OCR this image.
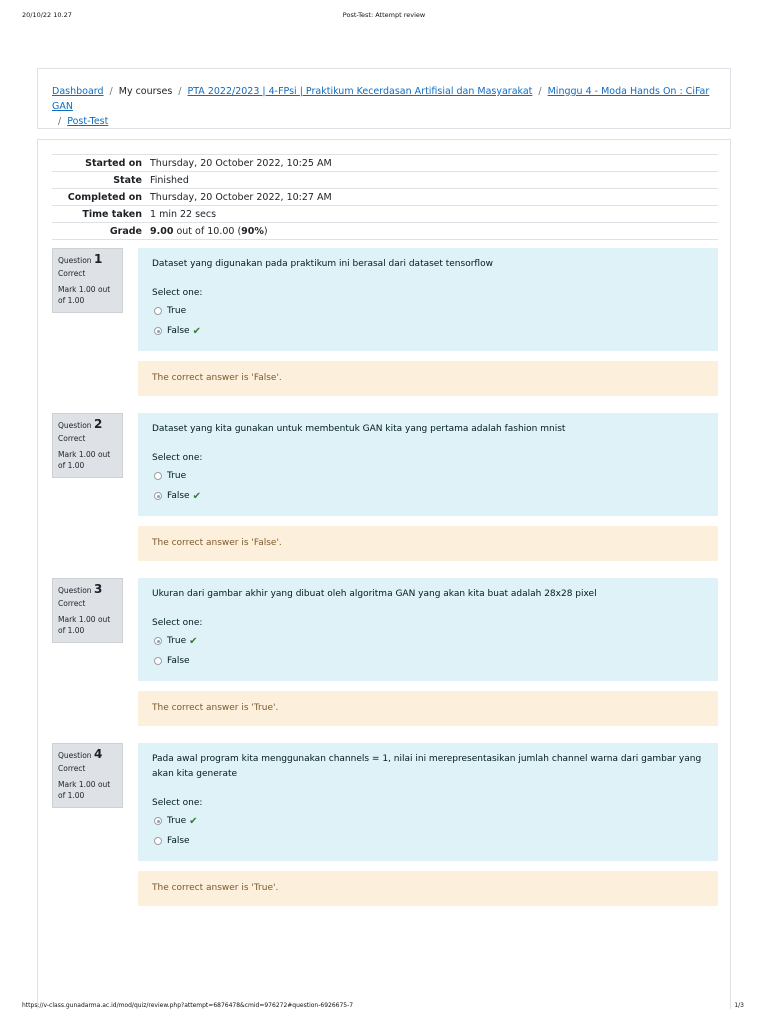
20/10/22 10.27	Post-Test: Attempt review
Dashboard / My courses / PTA 2022/2023 | 4-FPsi | Praktikum Kecerdasan Artifisial dan Masyarakat / Minggu 4 - Moda Hands On : CiFar GAN
/ Post-Test
Started on	Thursday, 20 October 2022, 10:25 AM
State	Finished
Completed on	Thursday, 20 October 2022, 10:27 AM
Time taken	1 min 22 secs
Grade	9.00 out of 10.00 (90%)
Question 1
Correct
Mark 1.00 out of 1.00
Dataset yang digunakan pada praktikum ini berasal dari dataset tensorflow
Select one:
True
False ✔
The correct answer is 'False'.
Question 2
Correct
Mark 1.00 out of 1.00
Dataset yang kita gunakan untuk membentuk GAN kita yang pertama adalah fashion mnist
Select one:
True
False ✔
The correct answer is 'False'.
Question 3
Correct
Mark 1.00 out of 1.00
Ukuran dari gambar akhir yang dibuat oleh algoritma GAN yang akan kita buat adalah 28x28 pixel
Select one:
True ✔
False
The correct answer is 'True'.
Question 4
Correct
Mark 1.00 out of 1.00
Pada awal program kita menggunakan channels = 1, nilai ini merepresentasikan jumlah channel warna dari gambar yang akan kita generate
Select one:
True ✔
False
The correct answer is 'True'.
https://v-class.gunadarma.ac.id/mod/quiz/review.php?attempt=6876478&cmid=976272#question-6926675-7	1/3
